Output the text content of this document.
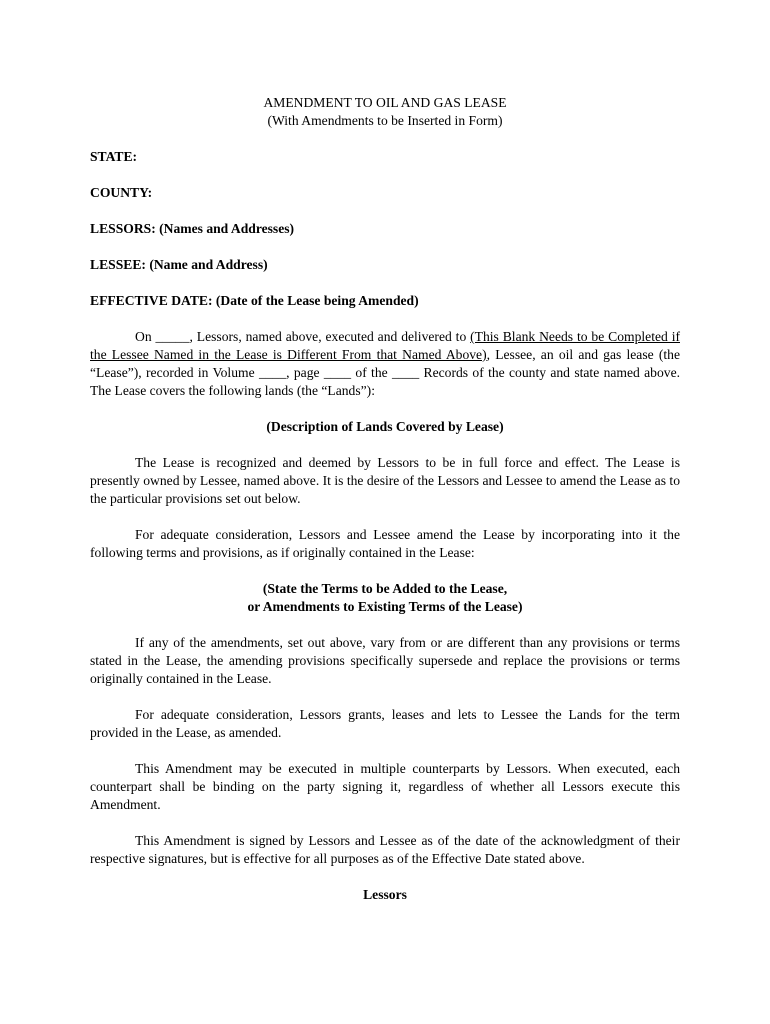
AMENDMENT TO OIL AND GAS LEASE

(With Amendments to be Inserted in Form)

STATE:

COUNTY:

LESSORS: (Names and Addresses)

LESSEE: (Name and Address)

EFFECTIVE DATE: (Date of the Lease being Amended)

On _____, Lessors, named above, executed and delivered to (This Blank Needs to be Completed if the Lessee Named in the Lease is Different From that Named Above), Lessee, an oil and gas lease (the “Lease”), recorded in Volume ____, page ____ of the ____ Records of the county and state named above. The Lease covers the following lands (the “Lands”):

(Description of Lands Covered by Lease)

The Lease is recognized and deemed by Lessors to be in full force and effect. The Lease is presently owned by Lessee, named above. It is the desire of the Lessors and Lessee to amend the Lease as to the particular provisions set out below.

For adequate consideration, Lessors and Lessee amend the Lease by incorporating into it the following terms and provisions, as if originally contained in the Lease:

(State the Terms to be Added to the Lease,
or Amendments to Existing Terms of the Lease)

If any of the amendments, set out above, vary from or are different than any provisions or terms stated in the Lease, the amending provisions specifically supersede and replace the provisions or terms originally contained in the Lease.

For adequate consideration, Lessors grants, leases and lets to Lessee the Lands for the term provided in the Lease, as amended.

This Amendment may be executed in multiple counterparts by Lessors. When executed, each counterpart shall be binding on the party signing it, regardless of whether all Lessors execute this Amendment.

This Amendment is signed by Lessors and Lessee as of the date of the acknowledgment of their respective signatures, but is effective for all purposes as of the Effective Date stated above.

Lessors
